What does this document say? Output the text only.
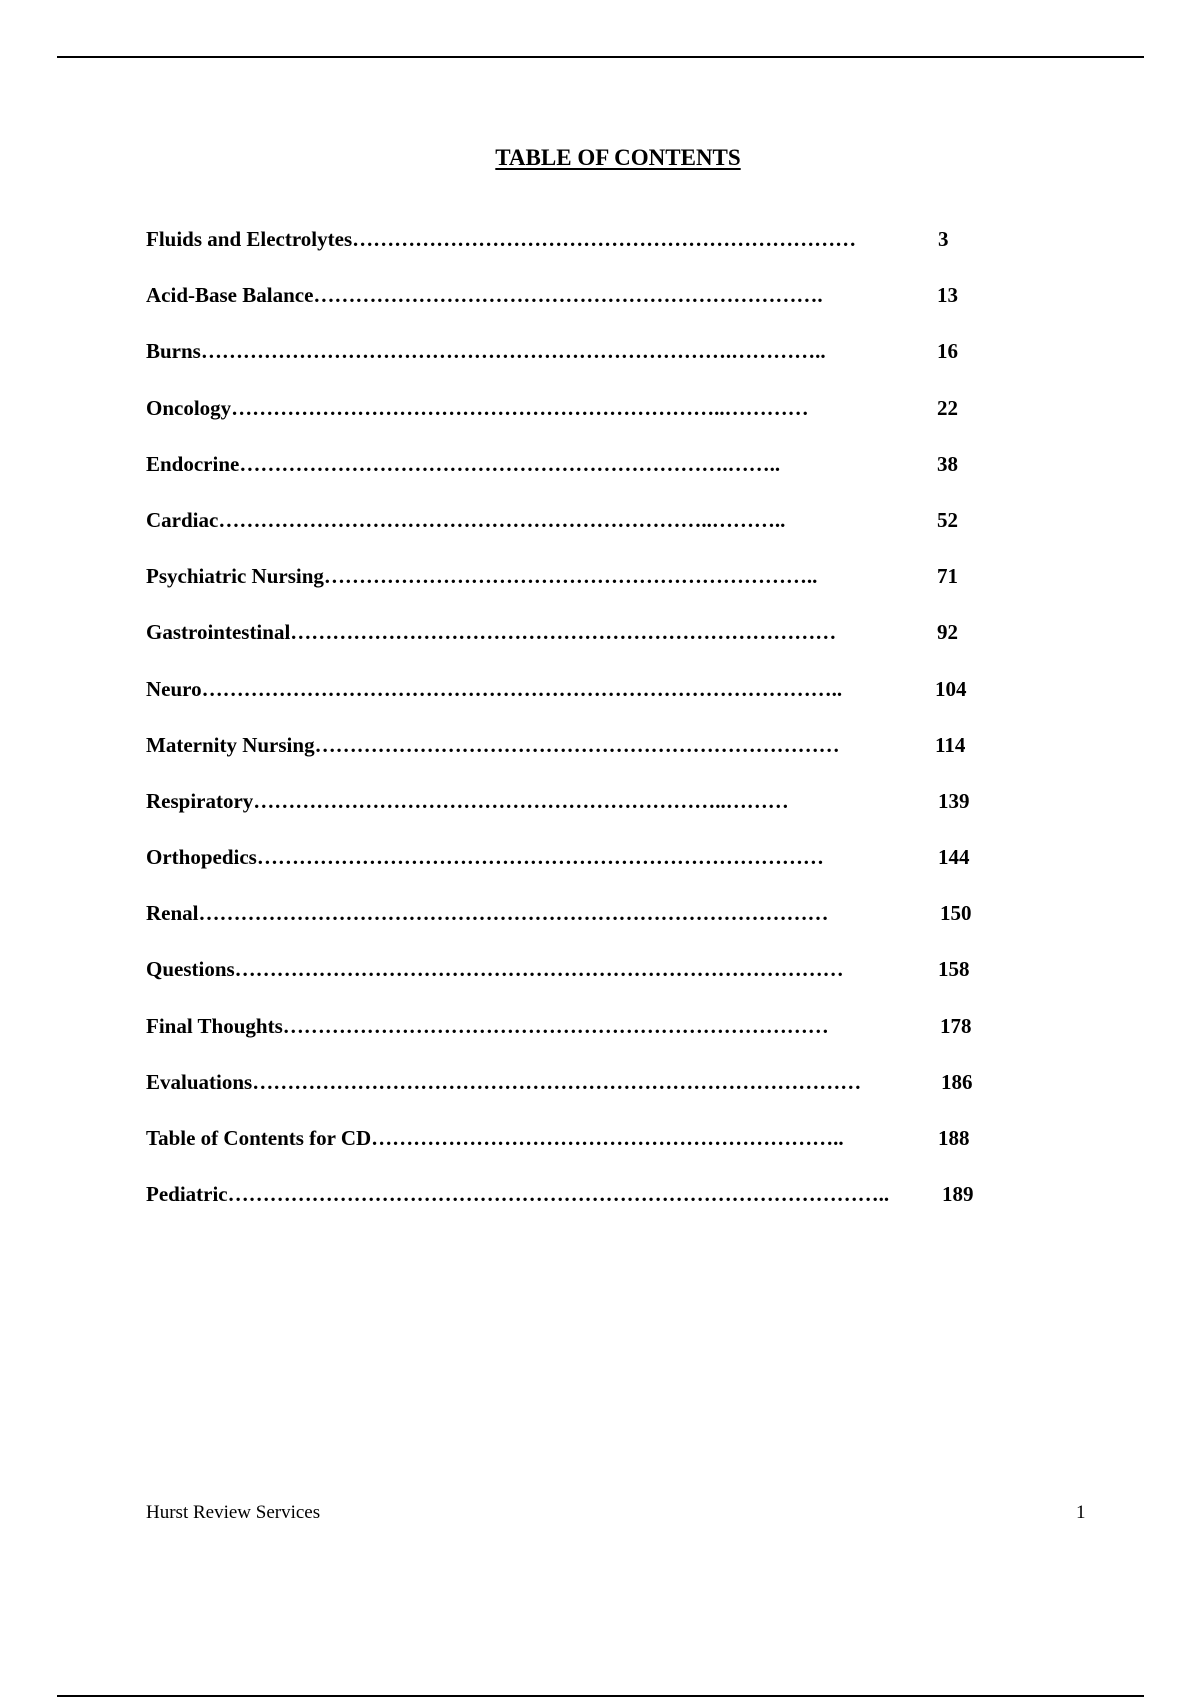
TABLE OF CONTENTS
Fluids and Electrolytes………………………………………………………………	3
Acid-Base Balance……………………………………………………………….	13
Burns………………………………………………………………….…………..	16
Oncology……………………………………………………………..…………	22
Endocrine…………………………………………………………….……..	38
Cardiac……………………………………………………………..………..	52
Psychiatric Nursing……………………………………………………………..	71
Gastrointestinal……………………………………………………………………	92
Neuro………………………………………………………………………………..	104
Maternity Nursing…………………………………………………………………	114
Respiratory…………………………………………………………..………	139
Orthopedics………………………………………………………………………	144
Renal………………………………………………………………………………	150
Questions……………………………………………………………………………	158
Final Thoughts……………………………………………………………………	178
Evaluations……………………………………………………………………………	186
Table of Contents for CD…………………………………………………………..	188
Pediatric…………………………………………………………………………………..	189
Hurst Review Services	1
